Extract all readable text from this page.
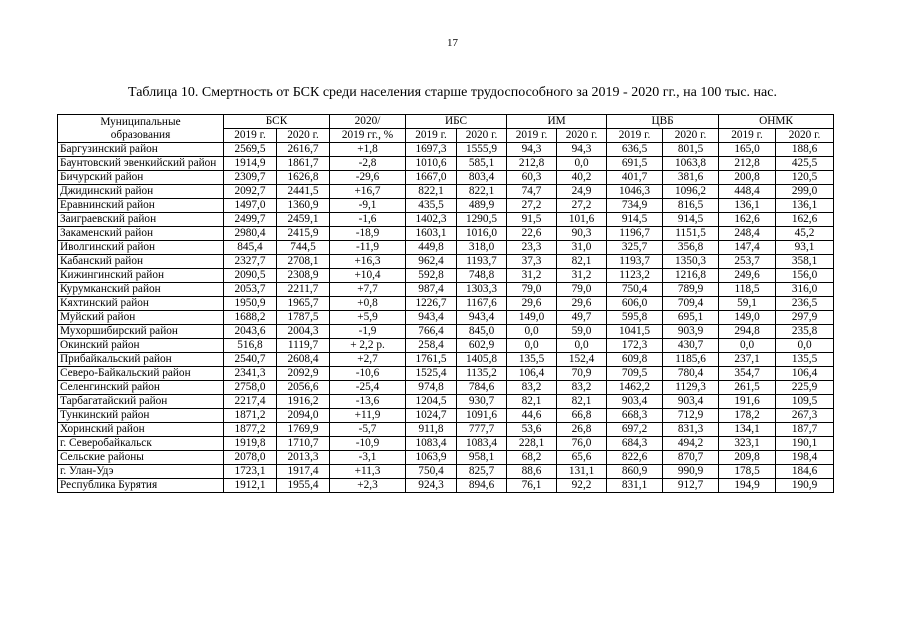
17
Таблица 10. Смертность от БСК среди населения старше трудоспособного за 2019 - 2020 гг., на 100 тыс. нас.
Муниципальные
образования	БСК		2020/	ИБС		ИМ		ЦВБ		ОНМК	
	2019 г.	2020 г.	2019 гг., %	2019 г.	2020 г.	2019 г.	2020 г.	2019 г.	2020 г.	2019 г.	2020 г.
Баргузинский район	2569,5	2616,7	+1,8	1697,3	1555,9	94,3	94,3	636,5	801,5	165,0	188,6
Баунтовский эвенкийский район	1914,9	1861,7	-2,8	1010,6	585,1	212,8	0,0	691,5	1063,8	212,8	425,5
Бичурский район	2309,7	1626,8	-29,6	1667,0	803,4	60,3	40,2	401,7	381,6	200,8	120,5
Джидинский район	2092,7	2441,5	+16,7	822,1	822,1	74,7	24,9	1046,3	1096,2	448,4	299,0
Еравнинский район	1497,0	1360,9	-9,1	435,5	489,9	27,2	27,2	734,9	816,5	136,1	136,1
Заиграевский район	2499,7	2459,1	-1,6	1402,3	1290,5	91,5	101,6	914,5	914,5	162,6	162,6
Закаменский район	2980,4	2415,9	-18,9	1603,1	1016,0	22,6	90,3	1196,7	1151,5	248,4	45,2
Иволгинский район	845,4	744,5	-11,9	449,8	318,0	23,3	31,0	325,7	356,8	147,4	93,1
Кабанский район	2327,7	2708,1	+16,3	962,4	1193,7	37,3	82,1	1193,7	1350,3	253,7	358,1
Кижингинский район	2090,5	2308,9	+10,4	592,8	748,8	31,2	31,2	1123,2	1216,8	249,6	156,0
Курумканский район	2053,7	2211,7	+7,7	987,4	1303,3	79,0	79,0	750,4	789,9	118,5	316,0
Кяхтинский район	1950,9	1965,7	+0,8	1226,7	1167,6	29,6	29,6	606,0	709,4	59,1	236,5
Муйский район	1688,2	1787,5	+5,9	943,4	943,4	149,0	49,7	595,8	695,1	149,0	297,9
Мухоршибирский район	2043,6	2004,3	-1,9	766,4	845,0	0,0	59,0	1041,5	903,9	294,8	235,8
Окинский район	516,8	1119,7	+ 2,2 р.	258,4	602,9	0,0	0,0	172,3	430,7	0,0	0,0
Прибайкальский район	2540,7	2608,4	+2,7	1761,5	1405,8	135,5	152,4	609,8	1185,6	237,1	135,5
Северо-Байкальский район	2341,3	2092,9	-10,6	1525,4	1135,2	106,4	70,9	709,5	780,4	354,7	106,4
Селенгинский район	2758,0	2056,6	-25,4	974,8	784,6	83,2	83,2	1462,2	1129,3	261,5	225,9
Тарбагатайский район	2217,4	1916,2	-13,6	1204,5	930,7	82,1	82,1	903,4	903,4	191,6	109,5
Тункинский район	1871,2	2094,0	+11,9	1024,7	1091,6	44,6	66,8	668,3	712,9	178,2	267,3
Хоринский район	1877,2	1769,9	-5,7	911,8	777,7	53,6	26,8	697,2	831,3	134,1	187,7
г. Северобайкальск	1919,8	1710,7	-10,9	1083,4	1083,4	228,1	76,0	684,3	494,2	323,1	190,1
Сельские районы	2078,0	2013,3	-3,1	1063,9	958,1	68,2	65,6	822,6	870,7	209,8	198,4
г. Улан-Удэ	1723,1	1917,4	+11,3	750,4	825,7	88,6	131,1	860,9	990,9	178,5	184,6
Республика Бурятия	1912,1	1955,4	+2,3	924,3	894,6	76,1	92,2	831,1	912,7	194,9	190,9
